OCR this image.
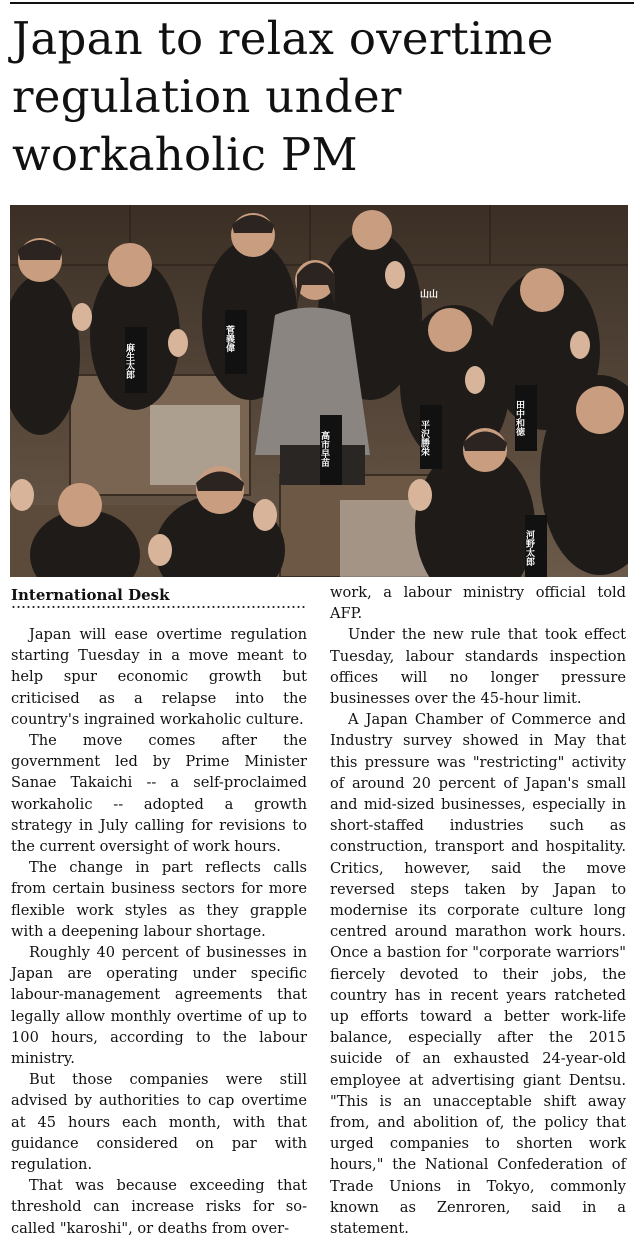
Japan to relax overtime regulation under workaholic PM
麻生太郎
菅義偉
高市早苗	平沢勝栄
田中和徳
河野太郎
山山
International Desk

Japan will ease overtime regulation starting Tuesday in a move meant to help spur economic growth but criticised as a relapse into the country's ingrained workaholic culture.

The move comes after the government led by Prime Minister Sanae Takaichi -- a self-proclaimed workaholic -- adopted a growth strategy in July calling for revisions to the current oversight of work hours.

The change in part reflects calls from certain business sectors for more flexible work styles as they grapple with a deepening labour shortage.

Roughly 40 percent of businesses in Japan are operating under specific labour-management agreements that legally allow monthly overtime of up to 100 hours, according to the labour ministry.

But those companies were still advised by authorities to cap overtime at 45 hours each month, with that guidance considered on par with regulation.

That was because exceeding that threshold can increase risks for so-called "karoshi", or deaths from over-

work, a labour ministry official told AFP.

Under the new rule that took effect Tuesday, labour standards inspection offices will no longer pressure businesses over the 45-hour limit.

A Japan Chamber of Commerce and Industry survey showed in May that this pressure was "restricting" activity of around 20 percent of Japan's small and mid-sized businesses, especially in short-staffed industries such as construction, transport and hospitality. Critics, however, said the move reversed steps taken by Japan to modernise its corporate culture long centred around marathon work hours. Once a bastion for "corporate warriors" fiercely devoted to their jobs, the country has in recent years ratcheted up efforts toward a better work-life balance, especially after the 2015 suicide of an exhausted 24-year-old employee at advertising giant Dentsu. "This is an unacceptable shift away from, and abolition of, the policy that urged companies to shorten work hours," the National Confederation of Trade Unions in Tokyo, commonly known as Zenroren, said in a statement.
